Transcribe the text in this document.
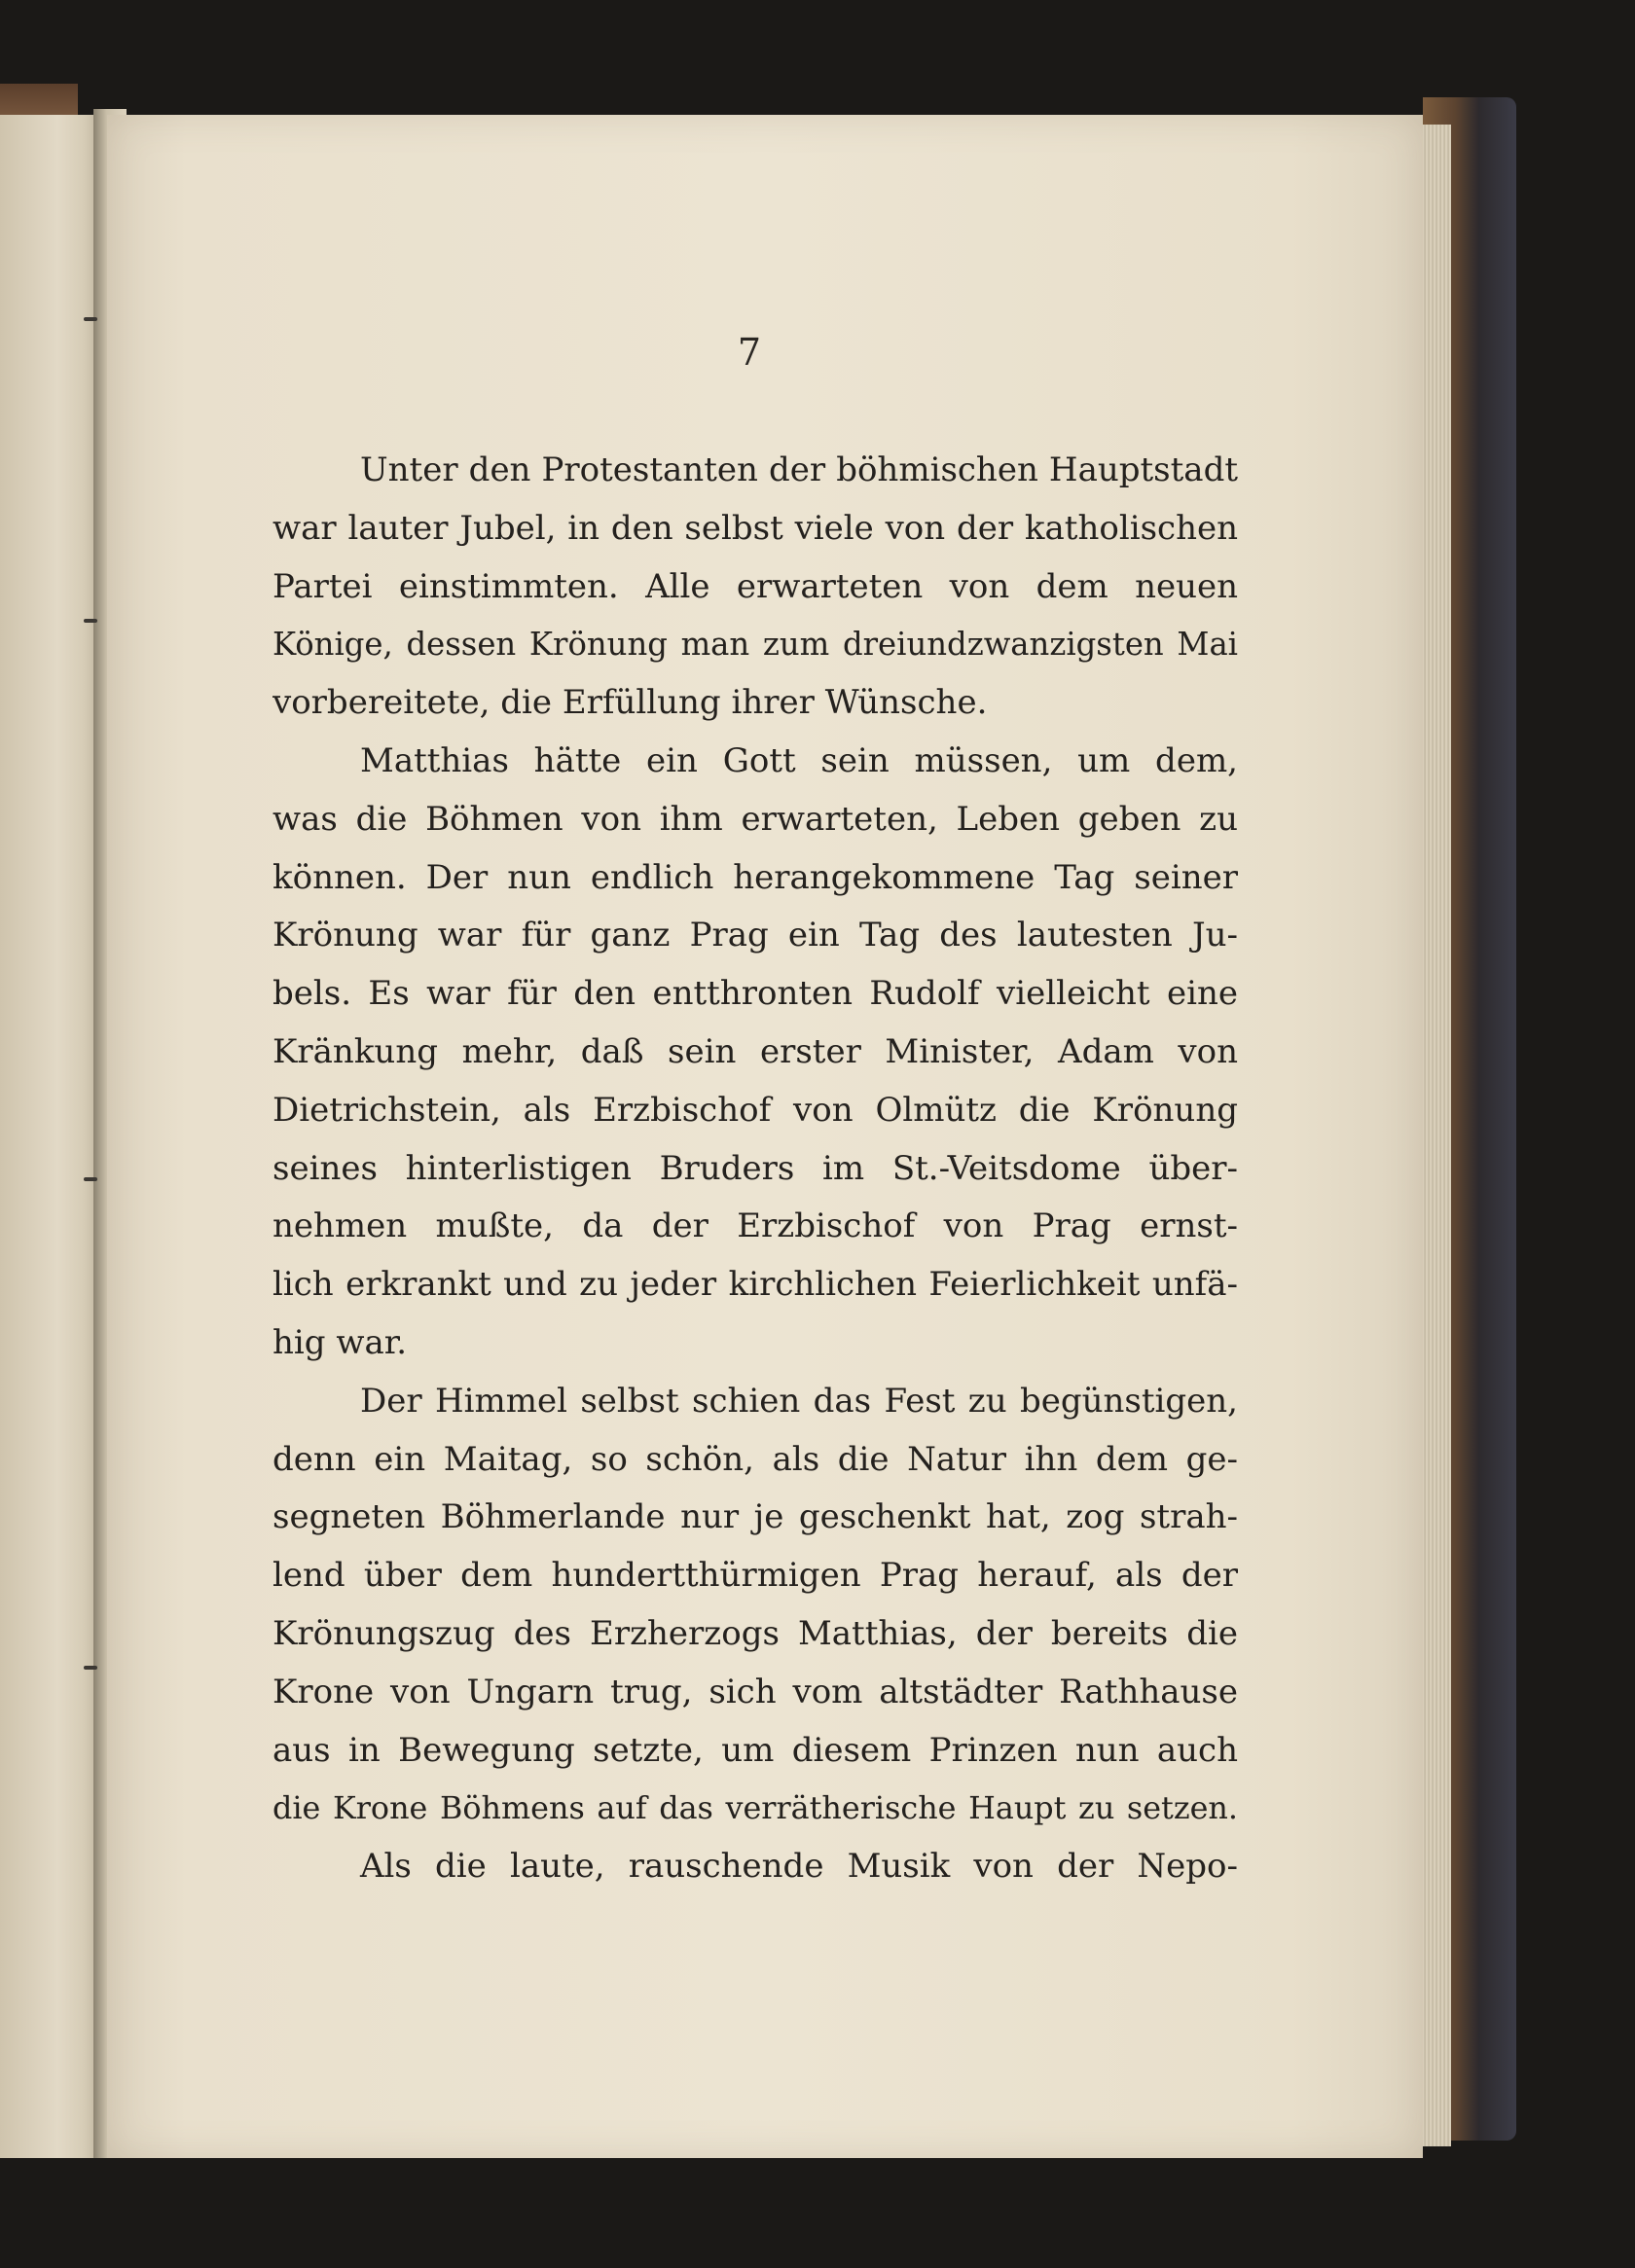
7
Unter den Protestanten der böhmischen Hauptstadt
war lauter Jubel, in den selbst viele von der katholischen
Partei einstimmten. Alle erwarteten von dem neuen
Könige, dessen Krönung man zum dreiundzwanzigsten Mai
vorbereitete, die Erfüllung ihrer Wünsche.
Matthias hätte ein Gott sein müssen, um dem,
was die Böhmen von ihm erwarteten, Leben geben zu
können. Der nun endlich herangekommene Tag seiner
Krönung war für ganz Prag ein Tag des lautesten Ju-
bels. Es war für den entthronten Rudolf vielleicht eine
Kränkung mehr, daß sein erster Minister, Adam von
Dietrichstein, als Erzbischof von Olmütz die Krönung
seines hinterlistigen Bruders im St.-Veitsdome über-
nehmen mußte, da der Erzbischof von Prag ernst-
lich erkrankt und zu jeder kirchlichen Feierlichkeit unfä-
hig war.
Der Himmel selbst schien das Fest zu begünstigen,
denn ein Maitag, so schön, als die Natur ihn dem ge-
segneten Böhmerlande nur je geschenkt hat, zog strah-
lend über dem hundertthürmigen Prag herauf, als der
Krönungszug des Erzherzogs Matthias, der bereits die
Krone von Ungarn trug, sich vom altstädter Rathhause
aus in Bewegung setzte, um diesem Prinzen nun auch
die Krone Böhmens auf das verrätherische Haupt zu setzen.
Als die laute, rauschende Musik von der Nepo-
